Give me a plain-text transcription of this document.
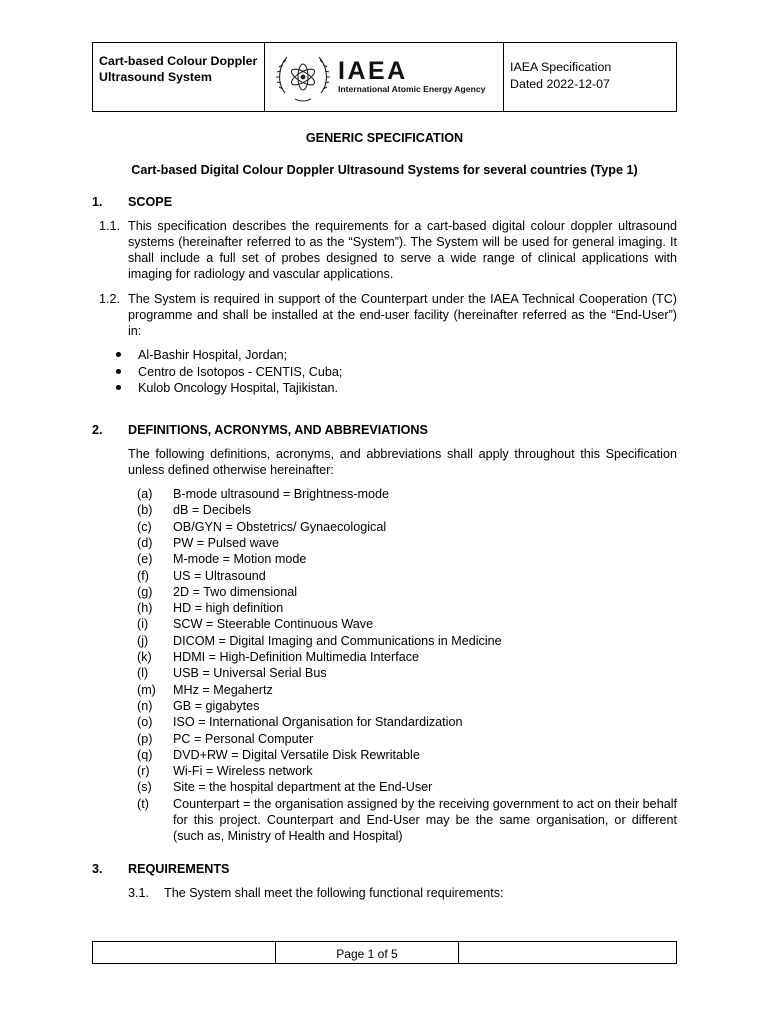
Cart-based Colour Doppler Ultrasound System	IAEA
International Atomic Energy Agency
IAEA Specification
Dated 2022-12-07
GENERIC SPECIFICATION
Cart-based Digital Colour Doppler Ultrasound Systems for several countries (Type 1)
1. SCOPE
1.1. This specification describes the requirements for a cart-based digital colour doppler ultrasound systems (hereinafter referred to as the “System”). The System will be used for general imaging. It shall include a full set of probes designed to serve a wide range of clinical applications with imaging for radiology and vascular applications.
1.2. The System is required in support of the Counterpart under the IAEA Technical Cooperation (TC) programme and shall be installed at the end-user facility (hereinafter referred as the “End-User”) in:
Al-Bashir Hospital, Jordan;
Centro de Isotopos - CENTIS, Cuba;
Kulob Oncology Hospital, Tajikistan.
2. DEFINITIONS, ACRONYMS, AND ABBREVIATIONS
The following definitions, acronyms, and abbreviations shall apply throughout this Specification unless defined otherwise hereinafter:
(a) B-mode ultrasound = Brightness-mode
(b) dB = Decibels
(c) OB/GYN = Obstetrics/ Gynaecological
(d) PW = Pulsed wave
(e) M-mode = Motion mode
(f) US = Ultrasound
(g) 2D = Two dimensional
(h) HD = high definition
(i) SCW = Steerable Continuous Wave
(j) DICOM = Digital Imaging and Communications in Medicine
(k) HDMI = High-Definition Multimedia Interface
(l) USB = Universal Serial Bus
(m) MHz = Megahertz
(n) GB = gigabytes
(o) ISO = International Organisation for Standardization
(p) PC = Personal Computer
(q) DVD+RW = Digital Versatile Disk Rewritable
(r) Wi-Fi = Wireless network
(s) Site = the hospital department at the End-User
(t) Counterpart = the organisation assigned by the receiving government to act on their behalf for this project. Counterpart and End-User may be the same organisation, or different (such as, Ministry of Health and Hospital)
3. REQUIREMENTS
3.1. The System shall meet the following functional requirements:
Page 1 of 5
